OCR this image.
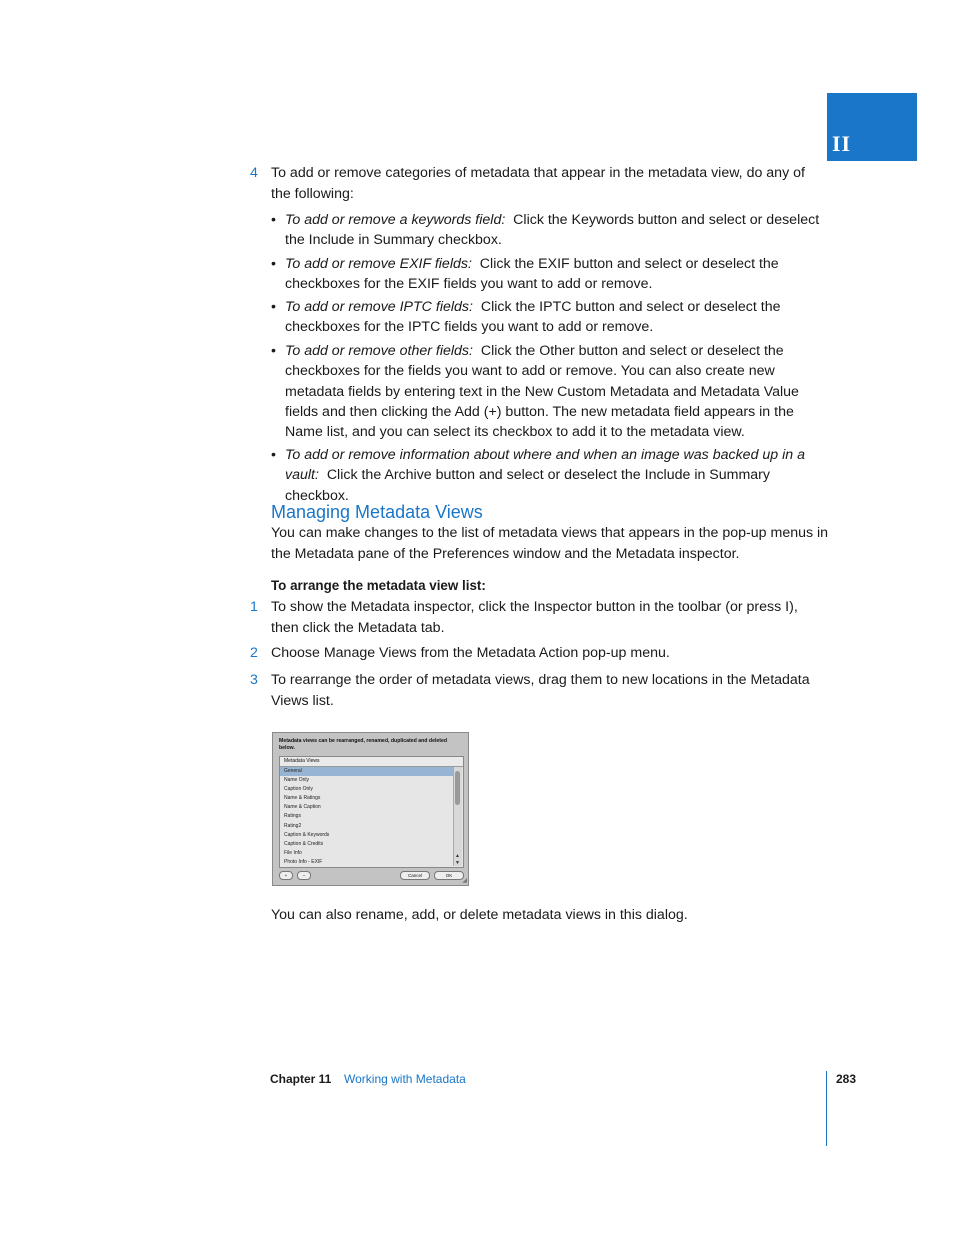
II
4 To add or remove categories of metadata that appear in the metadata view, do any of the following:
• To add or remove a keywords field: Click the Keywords button and select or deselect the Include in Summary checkbox.
• To add or remove EXIF fields: Click the EXIF button and select or deselect the checkboxes for the EXIF fields you want to add or remove.
• To add or remove IPTC fields: Click the IPTC button and select or deselect the checkboxes for the IPTC fields you want to add or remove.
• To add or remove other fields: Click the Other button and select or deselect the checkboxes for the fields you want to add or remove. You can also create new metadata fields by entering text in the New Custom Metadata and Metadata Value fields and then clicking the Add (+) button. The new metadata field appears in the Name list, and you can select its checkbox to add it to the metadata view.
• To add or remove information about where and when an image was backed up in a vault: Click the Archive button and select or deselect the Include in Summary checkbox.
Managing Metadata Views
You can make changes to the list of metadata views that appears in the pop-up menus in the Metadata pane of the Preferences window and the Metadata inspector.
To arrange the metadata view list:
1 To show the Metadata inspector, click the Inspector button in the toolbar (or press I), then click the Metadata tab.
2 Choose Manage Views from the Metadata Action pop-up menu.
3 To rearrange the order of metadata views, drag them to new locations in the Metadata Views list.
Metadata views can be rearranged, renamed, duplicated and deleted below.
Metadata Views
General
Name Only
Caption Only
Name & Ratings
Name & Caption
Ratings
Rating2
Caption & Keywords
Caption & Credits
File Info
Photo Info - EXIF
▲
▼
+	−	Cancel	OK
◢
You can also rename, add, or delete metadata views in this dialog.
Chapter 11 Working with Metadata	283
